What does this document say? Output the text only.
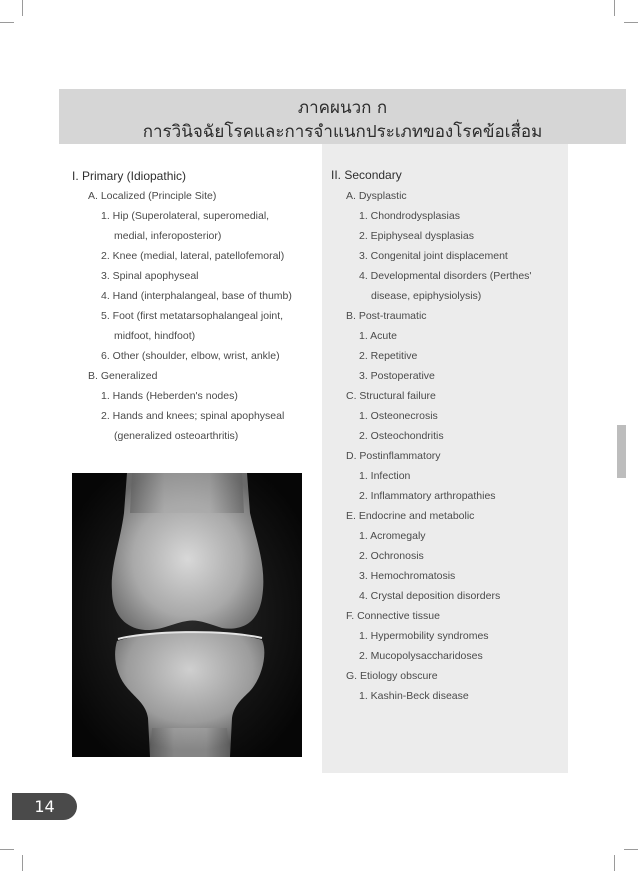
ภาคผนวก ก
การวินิจฉัยโรคและการจำแนกประเภทของโรคข้อเสื่อม
I. Primary (Idiopathic)
A. Localized (Principle Site)
1. Hip (Superolateral, superomedial,
medial, inferoposterior)
2. Knee (medial, lateral, patellofemoral)
3. Spinal apophyseal
4. Hand (interphalangeal, base of thumb)
5. Foot (first metatarsophalangeal joint,
midfoot, hindfoot)
6. Other (shoulder, elbow, wrist, ankle)
B. Generalized
1. Hands (Heberden's nodes)
2. Hands and knees; spinal apophyseal
(generalized osteoarthritis)
II. Secondary
A. Dysplastic
1. Chondrodysplasias
2. Epiphyseal dysplasias
3. Congenital joint displacement
4. Developmental disorders (Perthes'
disease, epiphysiolysis)
B. Post-traumatic
1. Acute
2. Repetitive
3. Postoperative
C. Structural failure
1. Osteonecrosis
2. Osteochondritis
D. Postinflammatory
1. Infection
2. Inflammatory arthropathies
E. Endocrine and metabolic
1. Acromegaly
2. Ochronosis
3. Hemochromatosis
4. Crystal deposition disorders
F. Connective tissue
1. Hypermobility syndromes
2. Mucopolysaccharidoses
G. Etiology obscure
1. Kashin-Beck disease
14
